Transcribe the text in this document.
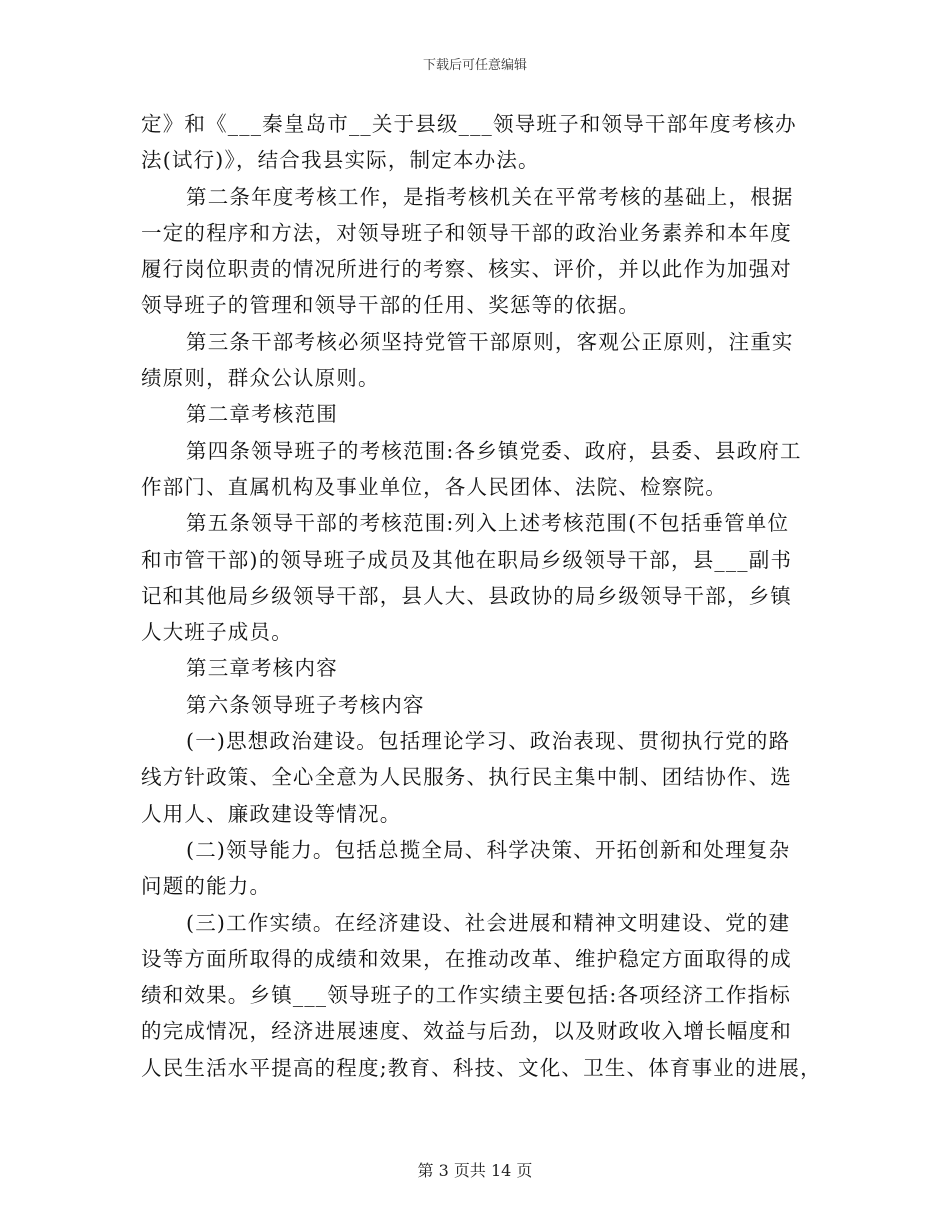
下载后可任意编辑
定》和《___秦皇岛市__关于县级___领导班子和领导干部年度考核办
法(试行)》，结合我县实际，制定本办法。
第二条年度考核工作，是指考核机关在平常考核的基础上，根据
一定的程序和方法，对领导班子和领导干部的政治业务素养和本年度
履行岗位职责的情况所进行的考察、核实、评价，并以此作为加强对
领导班子的管理和领导干部的任用、奖惩等的依据。
第三条干部考核必须坚持党管干部原则，客观公正原则，注重实
绩原则，群众公认原则。
第二章考核范围
第四条领导班子的考核范围:各乡镇党委、政府，县委、县政府工
作部门、直属机构及事业单位，各人民团体、法院、检察院。
第五条领导干部的考核范围:列入上述考核范围(不包括垂管单位
和市管干部)的领导班子成员及其他在职局乡级领导干部，县___副书
记和其他局乡级领导干部，县人大、县政协的局乡级领导干部，乡镇
人大班子成员。
第三章考核内容
第六条领导班子考核内容
(一)思想政治建设。包括理论学习、政治表现、贯彻执行党的路
线方针政策、全心全意为人民服务、执行民主集中制、团结协作、选
人用人、廉政建设等情况。
(二)领导能力。包括总揽全局、科学决策、开拓创新和处理复杂
问题的能力。
(三)工作实绩。在经济建设、社会进展和精神文明建设、党的建
设等方面所取得的成绩和效果，在推动改革、维护稳定方面取得的成
绩和效果。乡镇___领导班子的工作实绩主要包括:各项经济工作指标
的完成情况，经济进展速度、效益与后劲，以及财政收入增长幅度和
人民生活水平提高的程度;教育、科技、文化、卫生、体育事业的进展，
第 3 页共 14 页
